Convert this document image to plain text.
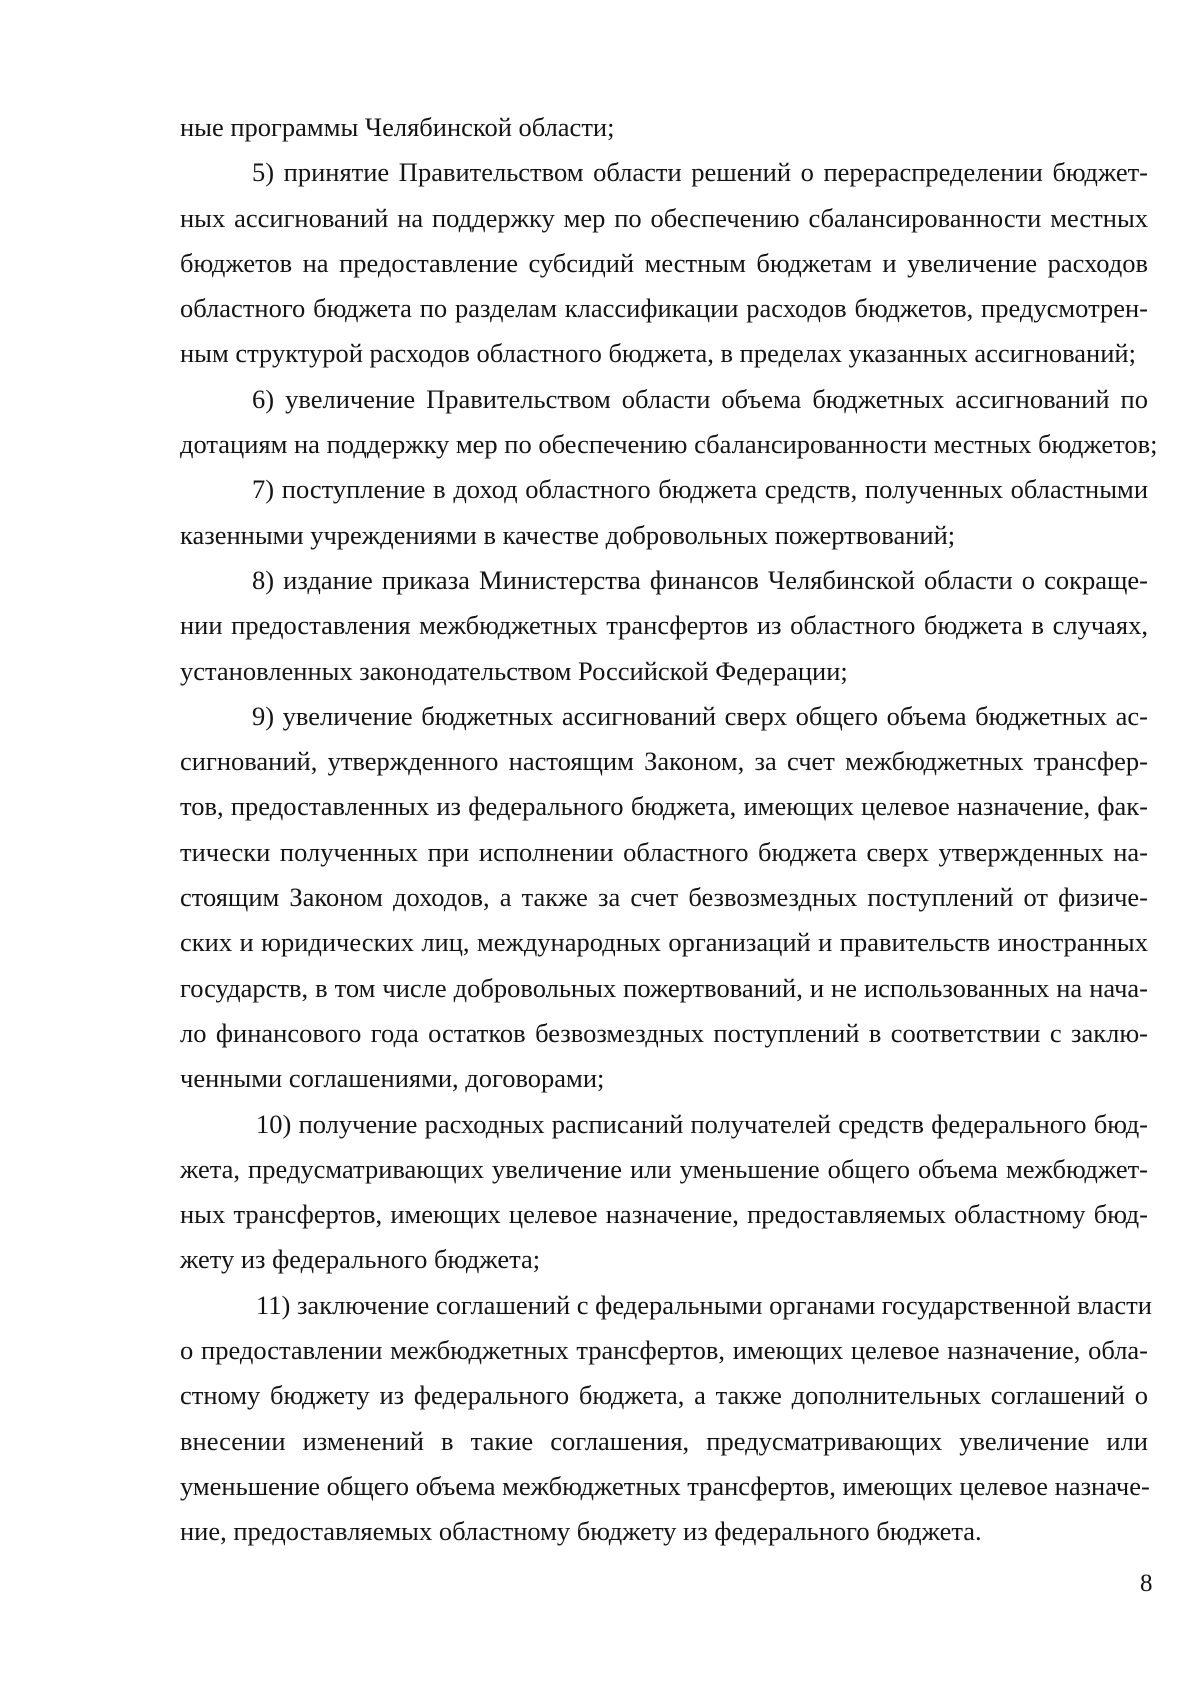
ные программы Челябинской области;
5) принятие Правительством области решений о перераспределении бюджет-
ных ассигнований на поддержку мер по обеспечению сбалансированности местных
бюджетов на предоставление субсидий местным бюджетам и увеличение расходов
областного бюджета по разделам классификации расходов бюджетов, предусмотрен-
ным структурой расходов областного бюджета, в пределах указанных ассигнований;
6) увеличение Правительством области объема бюджетных ассигнований по
дотациям на поддержку мер по обеспечению сбалансированности местных бюджетов;
7) поступление в доход областного бюджета средств, полученных областными
казенными учреждениями в качестве добровольных пожертвований;
8) издание приказа Министерства финансов Челябинской области о сокраще-
нии предоставления межбюджетных трансфертов из областного бюджета в случаях,
установленных законодательством Российской Федерации;
9) увеличение бюджетных ассигнований сверх общего объема бюджетных ас-
сигнований, утвержденного настоящим Законом, за счет межбюджетных трансфер-
тов, предоставленных из федерального бюджета, имеющих целевое назначение, фак-
тически полученных при исполнении областного бюджета сверх утвержденных на-
стоящим Законом доходов, а также за счет безвозмездных поступлений от физиче-
ских и юридических лиц, международных организаций и правительств иностранных
государств, в том числе добровольных пожертвований, и не использованных на нача-
ло финансового года остатков безвозмездных поступлений в соответствии с заклю-
ченными соглашениями, договорами;
10) получение расходных расписаний получателей средств федерального бюд-
жета, предусматривающих увеличение или уменьшение общего объема межбюджет-
ных трансфертов, имеющих целевое назначение, предоставляемых областному бюд-
жету из федерального бюджета;
11) заключение соглашений с федеральными органами государственной власти
о предоставлении межбюджетных трансфертов, имеющих целевое назначение, обла-
стному бюджету из федерального бюджета, а также дополнительных соглашений о
внесении изменений в такие соглашения, предусматривающих увеличение или
уменьшение общего объема межбюджетных трансфертов, имеющих целевое назначе-
ние, предоставляемых областному бюджету из федерального бюджета.
8
